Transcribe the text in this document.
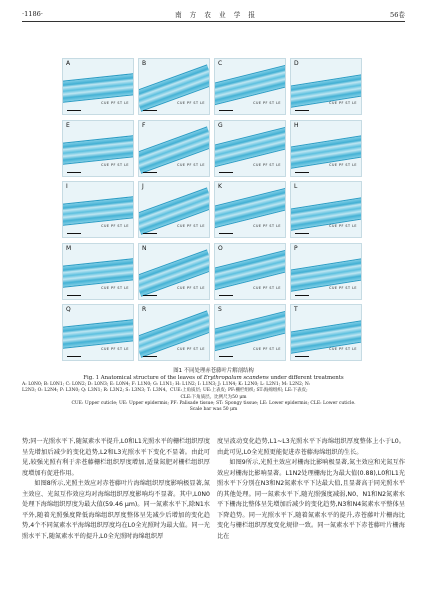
·1186·	南 方 农 业 学 报	56卷
A
CUE PF ST LE
B
CUE PF ST LE
C
CUE PF ST LE
D
CUE PF ST LE
E
CUE PF ST LE
F
CUE PF ST LE
G
CUE PF ST LE
H
CUE PF ST LE
I
CUE PF ST LE
J
CUE PF ST LE
K
CUE PF ST LE
L
CUE PF ST LE
M
CUE PF ST LE
N
CUE PF ST LE
O
CUE PF ST LE
P
CUE PF ST LE
Q
CUE PF ST LE
R
CUE PF ST LE
S
CUE PF ST LE
T
CUE PF ST LE
图1 不同处理赤苍藤叶片解剖结构
Fig. 1 Anatomical structure of the leaves of Erythropalum scandens under different treatments
A: L0N0; B: L0N1; C: L0N2; D: L0N3; E: L0N4; F: L1N0; G: L1N1; H: L1N2; I: L1N3; J: L1N4; K: L2N0; L: L2N1; M: L2N2; N:
L2N3; O: L2N4; P: L3N0; Q: L3N1; R: L3N2; S: L3N3; T: L3N4。CUE:上角质层; UE:上表皮; PF:栅栏组织; ST:海绵组织; LE:下表皮;
CLE:下角质层。比例尺为50 μm
CUE: Upper cuticle; UE: Upper epidermis; PF: Palisade tissue; ST: Spongy tissue; LE: Lower epidermis; CLE: Lower cuticle.
Scale bar was 50 μm

势;同一光照水平下,随氮素水平提升,L0和L1光照水平的栅栏组织厚度呈先增加后减少的变化趋势,L2和L3光照水平下变化不显著。由此可见,较强光照有利于赤苍藤栅栏组织厚度增加,适量氮肥对栅栏组织厚度增加有促进作用。

如图8所示,光照主效应对赤苍藤叶片海绵组织厚度影响极显著,氮主效应、光氮互作效应均对海绵组织厚度影响均不显著。其中,L0N0处理下海绵组织厚度为最大值(59.46 μm)。同一氮素水平下,除N1水平外,随着光照强度降低海绵组织厚度整体呈先减少后增加的变化趋势,4个不同氮素水平海绵组织厚度均在L0全光照时为最大值。同一光照水平下,随氮素水平的提升,L0全光照时海绵组织厚

度呈波动变化趋势,L1~L3光照水平下海绵组织厚度整体上小于L0。由此可见,L0全光照更能促进赤苍藤海绵组织的生长。

如图9所示,光照主效应对栅海比影响极显著,氮主效应和光氮互作效应对栅海比影响显著。L1N2处理栅海比为最大值(0.88),L0和L1光照水平下分别在N3和N2氮素水平下达最大值,且显著高于同光照水平的其他处理。同一氮素水平下,随光照强度减弱,N0、N1和N2氮素水平下栅海比整体呈先增加后减少的变化趋势,N3和N4氮素水平整体呈下降趋势。同一光照水平下,随着氮素水平的提升,赤苍藤叶片栅海比变化与栅栏组织厚度变化规律一致。同一氮素水平下赤苍藤叶片栅海比在
